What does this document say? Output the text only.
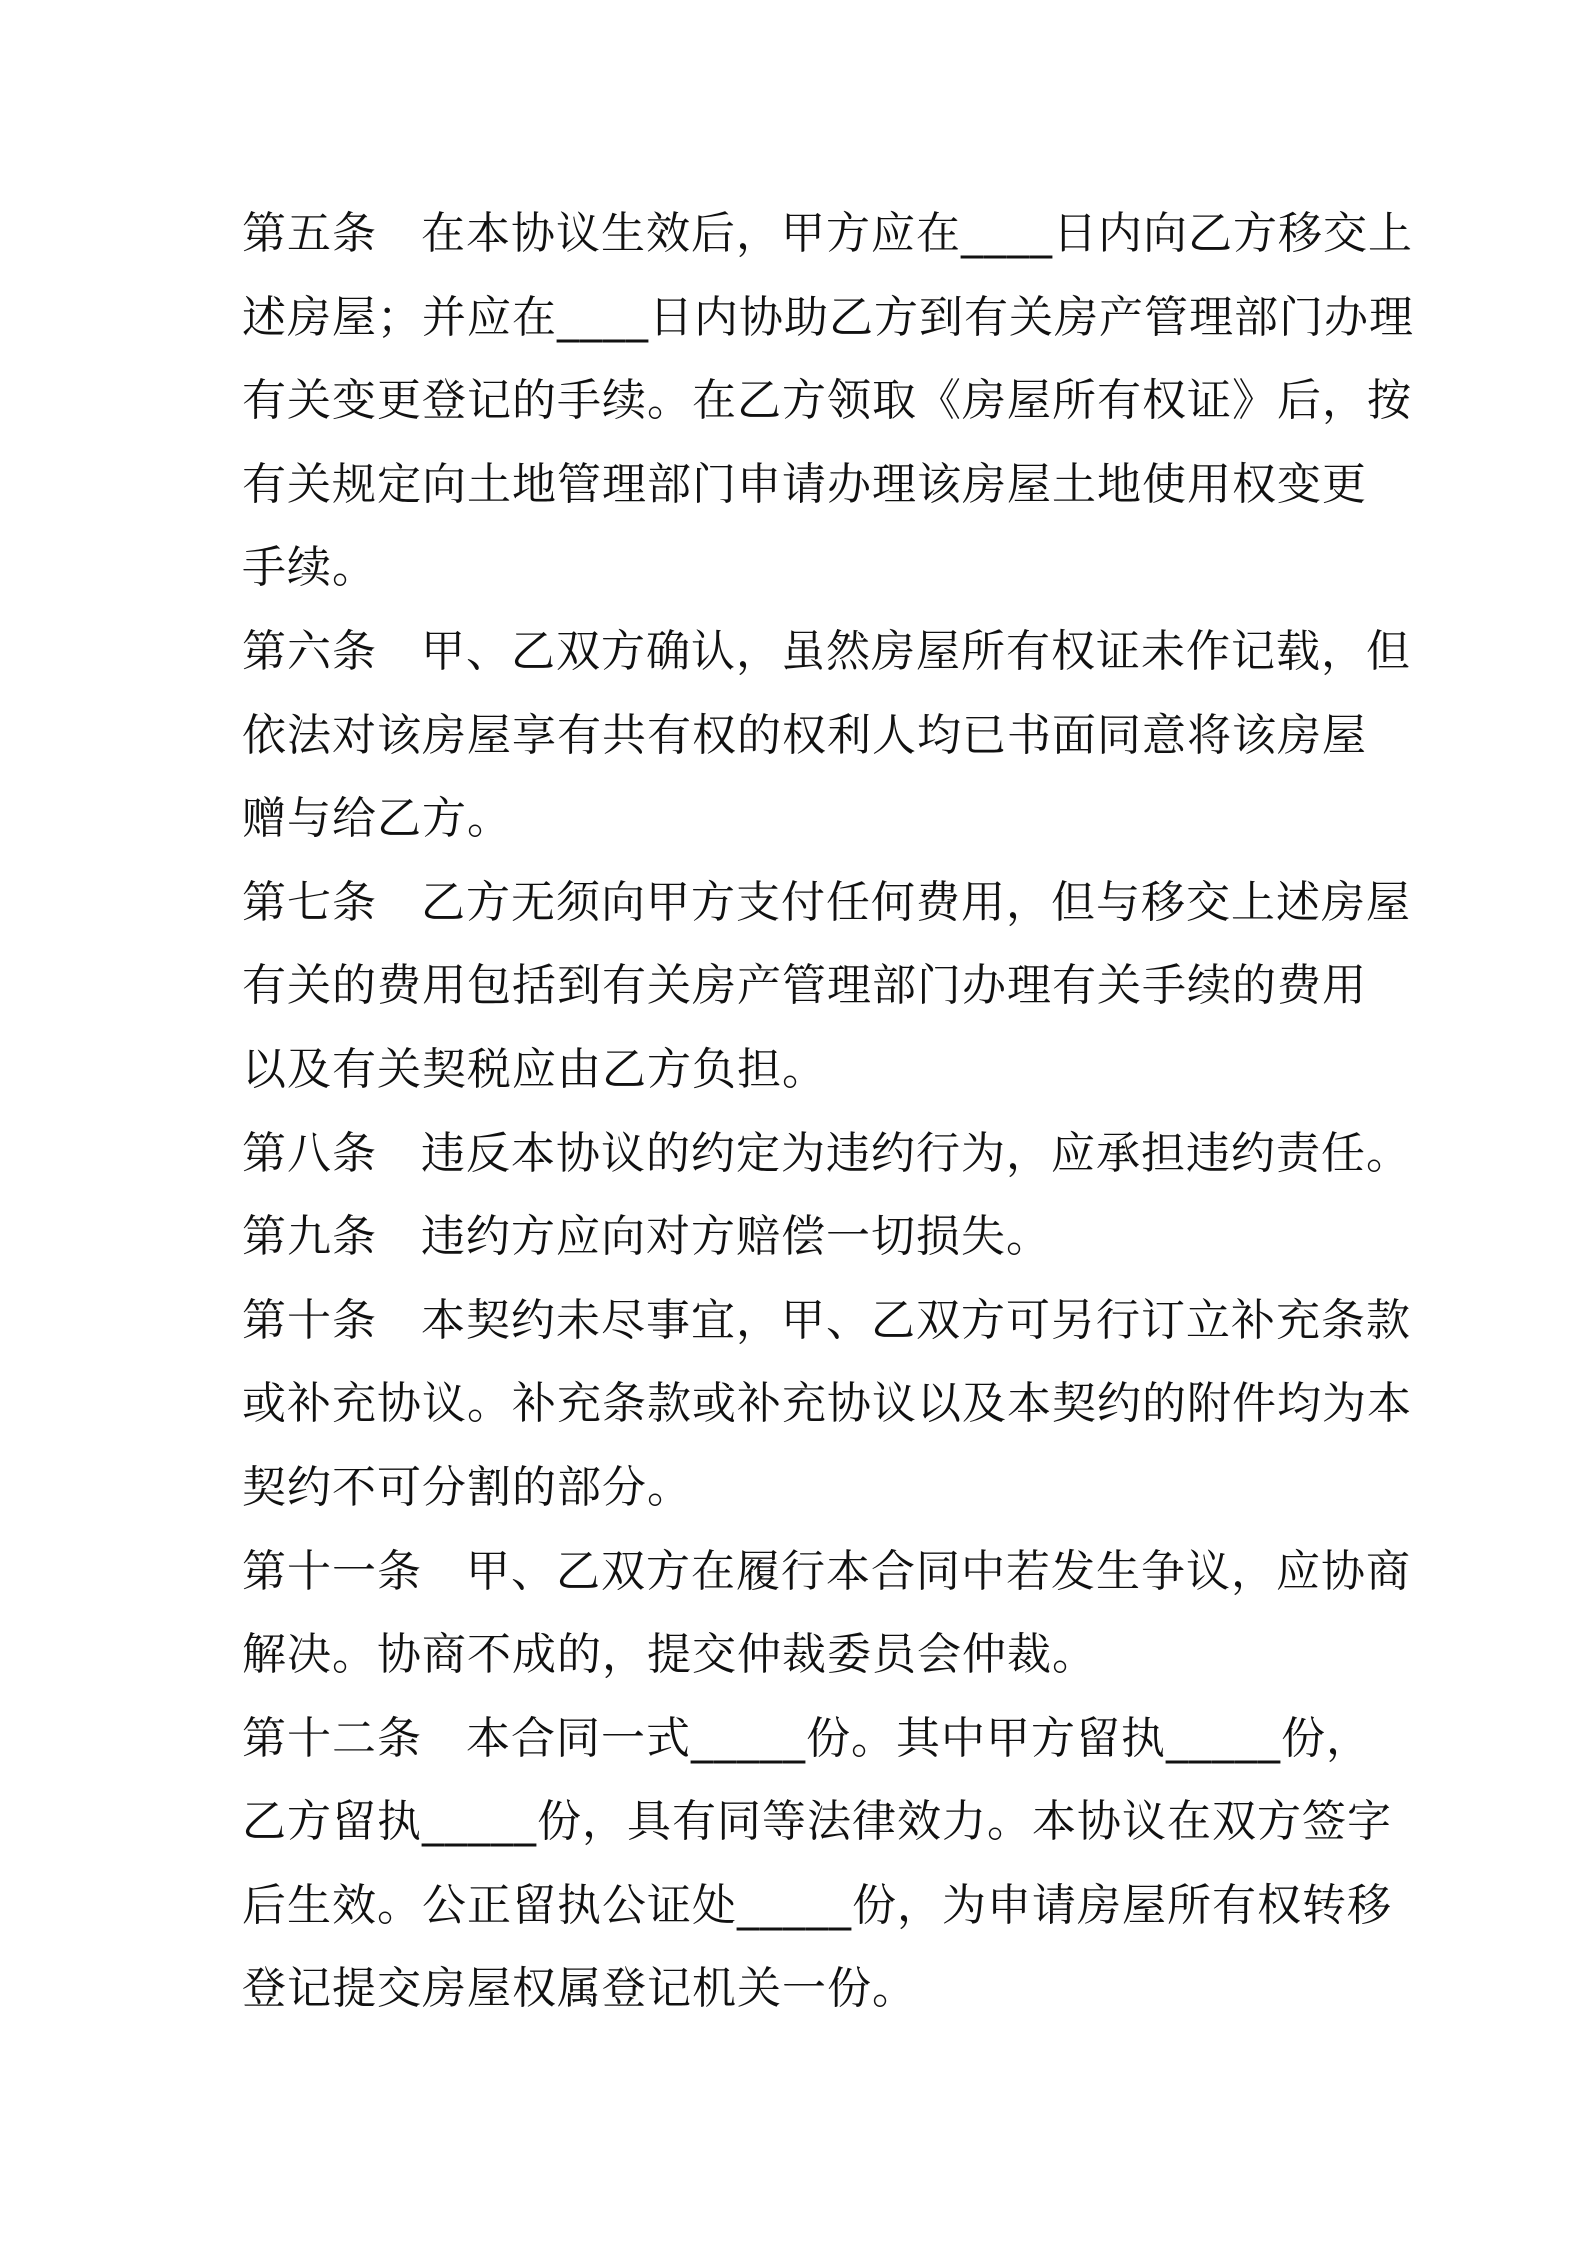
第五条 在本协议生效后，甲方应在____日内向乙方移交上
述房屋；并应在____日内协助乙方到有关房产管理部门办理
有关变更登记的手续。在乙方领取《房屋所有权证》后，按
有关规定向土地管理部门申请办理该房屋土地使用权变更
手续。
第六条 甲、乙双方确认，虽然房屋所有权证未作记载，但
依法对该房屋享有共有权的权利人均已书面同意将该房屋
赠与给乙方。
第七条 乙方无须向甲方支付任何费用，但与移交上述房屋
有关的费用包括到有关房产管理部门办理有关手续的费用
以及有关契税应由乙方负担。
第八条 违反本协议的约定为违约行为，应承担违约责任。
第九条 违约方应向对方赔偿一切损失。
第十条 本契约未尽事宜，甲、乙双方可另行订立补充条款
或补充协议。补充条款或补充协议以及本契约的附件均为本
契约不可分割的部分。
第十一条 甲、乙双方在履行本合同中若发生争议，应协商
解决。协商不成的，提交仲裁委员会仲裁。
第十二条 本合同一式_____份。其中甲方留执_____份，
乙方留执_____份，具有同等法律效力。本协议在双方签字
后生效。公正留执公证处_____份，为申请房屋所有权转移
登记提交房屋权属登记机关一份。
